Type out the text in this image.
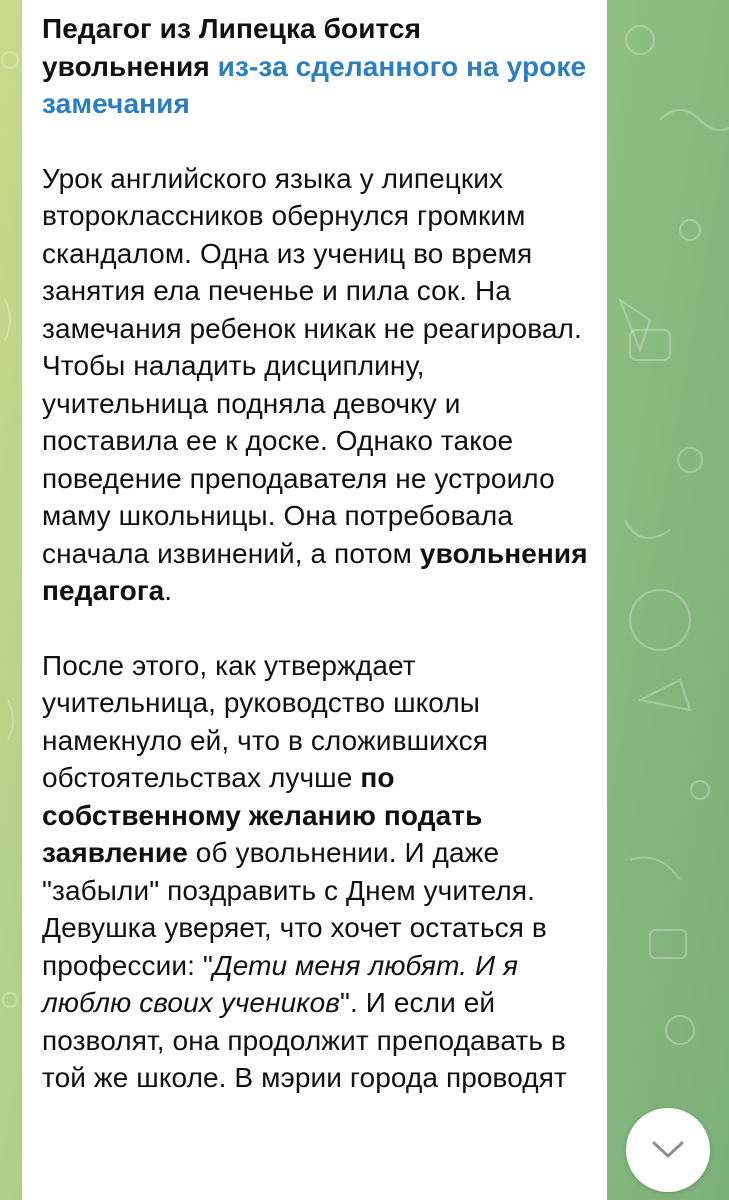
Педагог из Липецка боится увольнения из-за сделанного на уроке замечания

Урок английского языка у липецких второклассников обернулся громким скандалом. Одна из учениц во время занятия ела печенье и пила сок. На замечания ребенок никак не реагировал. Чтобы наладить дисциплину, учительница подняла девочку и поставила ее к доске. Однако такое поведение преподавателя не устроило маму школьницы. Она потребовала сначала извинений, а потом увольнения педагога.

После этого, как утверждает учительница, руководство школы намекнуло ей, что в сложившихся обстоятельствах лучше по собственному желанию подать заявление об увольнении. И даже "забыли" поздравить с Днем учителя. Девушка уверяет, что хочет остаться в профессии: "Дети меня любят. И я люблю своих учеников". И если ей позволят, она продолжит преподавать в той же школе. В мэрии города проводят
